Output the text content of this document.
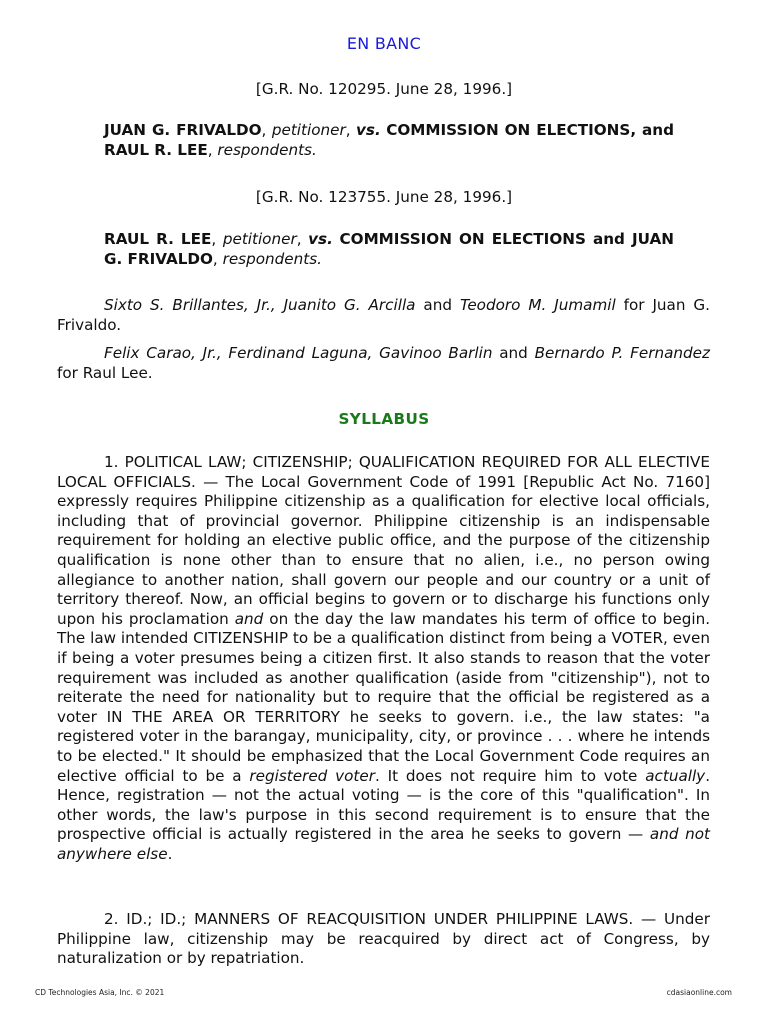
EN BANC
[G.R. No. 120295. June 28, 1996.]
JUAN G. FRIVALDO, petitioner, vs. COMMISSION ON ELECTIONS, and RAUL R. LEE, respondents.
[G.R. No. 123755. June 28, 1996.]
RAUL R. LEE, petitioner, vs. COMMISSION ON ELECTIONS and JUAN G. FRIVALDO, respondents.
Sixto S. Brillantes, Jr., Juanito G. Arcilla and Teodoro M. Jumamil for Juan G. Frivaldo.
Felix Carao, Jr., Ferdinand Laguna, Gavinoo Barlin and Bernardo P. Fernandez for Raul Lee.
SYLLABUS
1. POLITICAL LAW; CITIZENSHIP; QUALIFICATION REQUIRED FOR ALL ELECTIVE LOCAL OFFICIALS. — The Local Government Code of 1991 [Republic Act No. 7160] expressly requires Philippine citizenship as a qualification for elective local officials, including that of provincial governor. Philippine citizenship is an indispensable requirement for holding an elective public office, and the purpose of the citizenship qualification is none other than to ensure that no alien, i.e., no person owing allegiance to another nation, shall govern our people and our country or a unit of territory thereof. Now, an official begins to govern or to discharge his functions only upon his proclamation and on the day the law mandates his term of office to begin. The law intended CITIZENSHIP to be a qualification distinct from being a VOTER, even if being a voter presumes being a citizen first. It also stands to reason that the voter requirement was included as another qualification (aside from "citizenship"), not to reiterate the need for nationality but to require that the official be registered as a voter IN THE AREA OR TERRITORY he seeks to govern. i.e., the law states: "a registered voter in the barangay, municipality, city, or province . . . where he intends to be elected." It should be emphasized that the Local Government Code requires an elective official to be a registered voter. It does not require him to vote actually. Hence, registration — not the actual voting — is the core of this "qualification". In other words, the law's purpose in this second requirement is to ensure that the prospective official is actually registered in the area he seeks to govern — and not anywhere else.
2. ID.; ID.; MANNERS OF REACQUISITION UNDER PHILIPPINE LAWS. — Under Philippine law, citizenship may be reacquired by direct act of Congress, by naturalization or by repatriation.
CD Technologies Asia, Inc. © 2021	cdasiaonline.com
